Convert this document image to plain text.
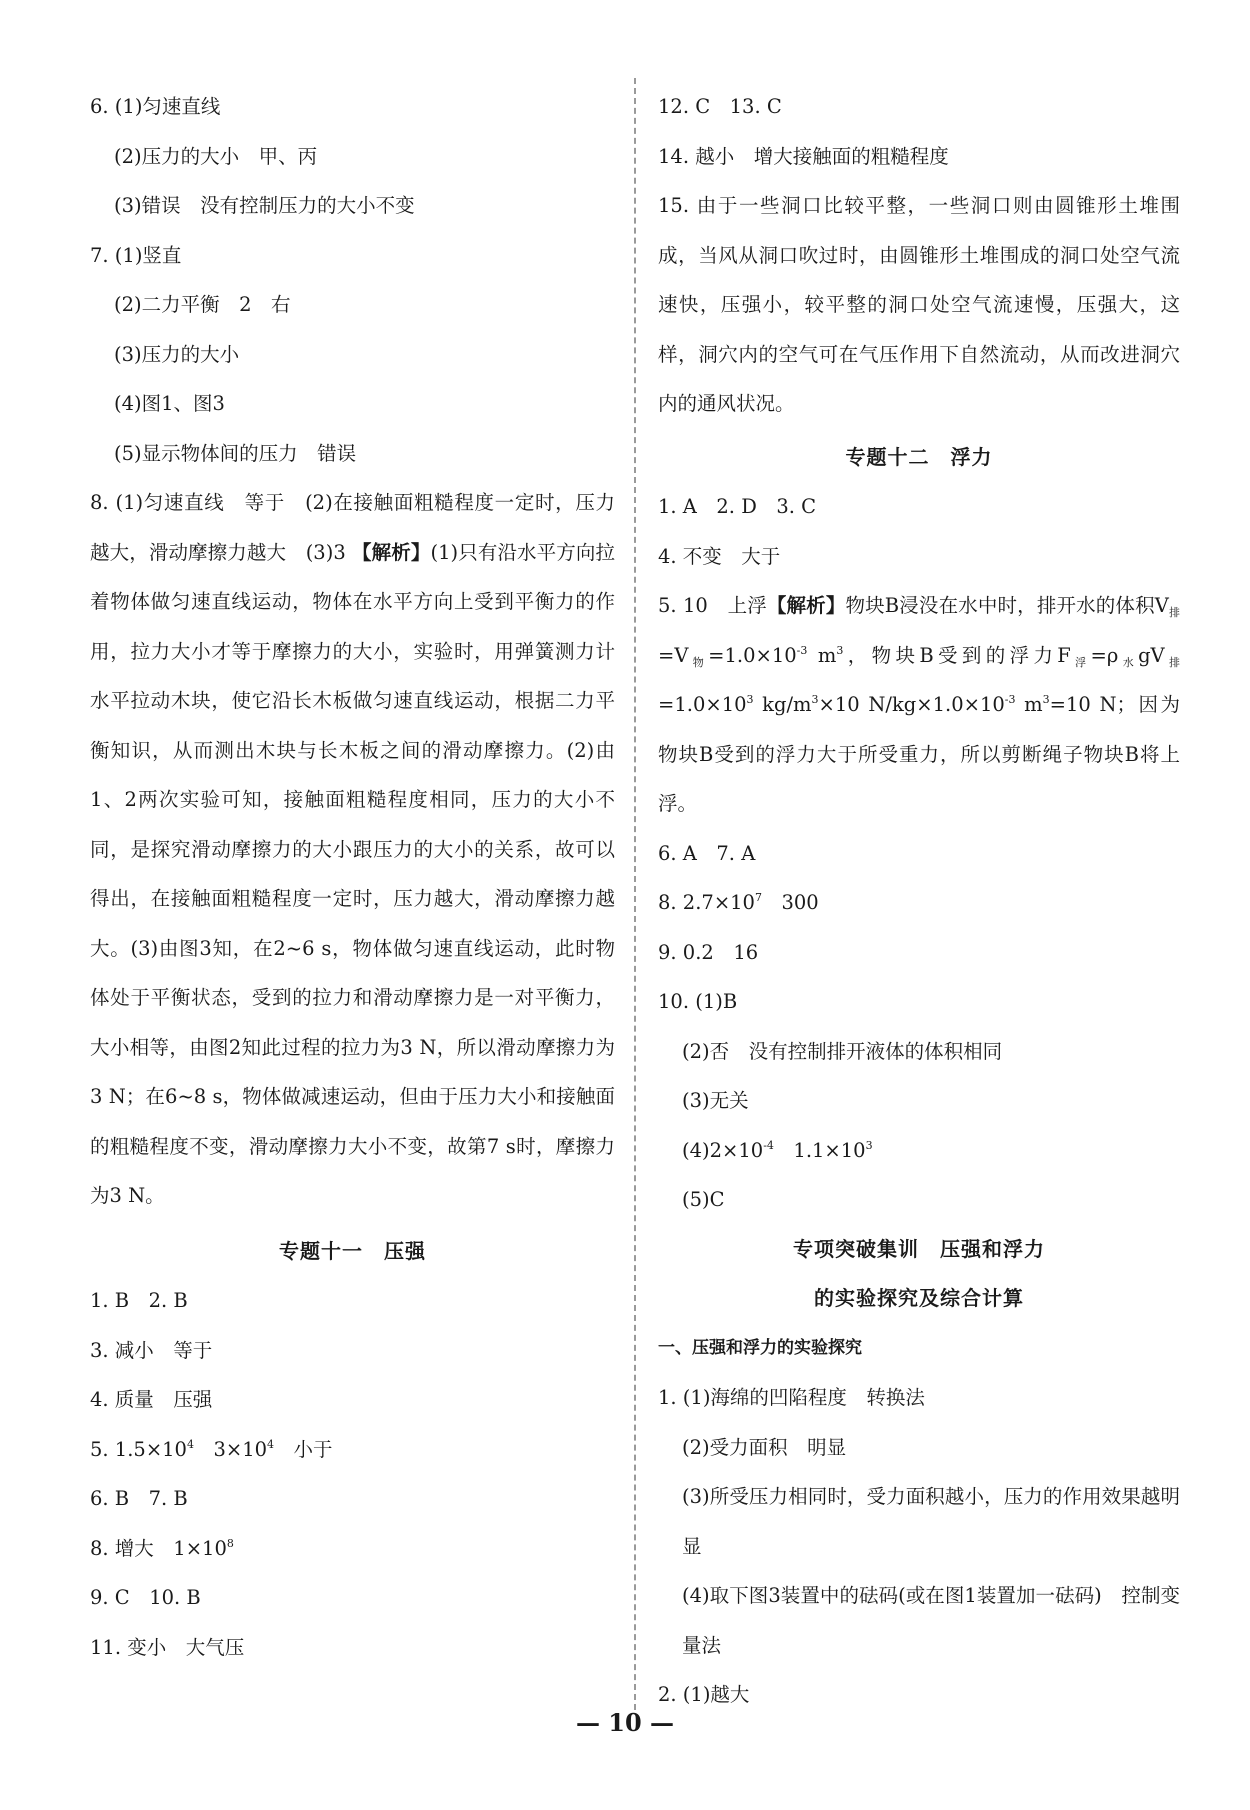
6. (1)匀速直线
(2)压力的大小　甲、丙
(3)错误　没有控制压力的大小不变
7. (1)竖直
(2)二力平衡　2　右
(3)压力的大小
(4)图1、图3
(5)显示物体间的压力　错误
8. (1)匀速直线　等于　(2)在接触面粗糙程度一定时，压力越大，滑动摩擦力越大　(3)3 【解析】(1)只有沿水平方向拉着物体做匀速直线运动，物体在水平方向上受到平衡力的作用，拉力大小才等于摩擦力的大小，实验时，用弹簧测力计水平拉动木块，使它沿长木板做匀速直线运动，根据二力平衡知识，从而测出木块与长木板之间的滑动摩擦力。(2)由1、2两次实验可知，接触面粗糙程度相同，压力的大小不同，是探究滑动摩擦力的大小跟压力的大小的关系，故可以得出，在接触面粗糙程度一定时，压力越大，滑动摩擦力越大。(3)由图3知，在2~6 s，物体做匀速直线运动，此时物体处于平衡状态，受到的拉力和滑动摩擦力是一对平衡力，大小相等，由图2知此过程的拉力为3 N，所以滑动摩擦力为3 N；在6~8 s，物体做减速运动，但由于压力大小和接触面的粗糙程度不变，滑动摩擦力大小不变，故第7 s时，摩擦力为3 N。
专题十一　压强
1. B　2. B
3. 减小　等于
4. 质量　压强
5. $1.5\times 10^4$　$3\times 10^4$　小于
6. B　7. B
8. 增大　$1\times 10^8$
9. C　10. B
11. 变小　大气压
12. C　13. C
14. 越小　增大接触面的粗糙程度
15. 由于一些洞口比较平整，一些洞口则由圆锥形土堆围成，当风从洞口吹过时，由圆锥形土堆围成的洞口处空气流速快，压强小，较平整的洞口处空气流速慢，压强大，这样，洞穴内的空气可在气压作用下自然流动，从而改进洞穴内的通风状况。
专题十二　浮力
1. A　2. D　3. C
4. 不变　大于
5. 10　上浮【解析】物块B浸没在水中时，排开水的体积$V_排=V_物=1.0\times 10^{-3}$ $m^3$，物块B受到的浮力$F_浮=\rho_水gV_排=1.0\times 10^3$ $kg/m^3\times 10$ $N/kg\times 1.0\times 10^{-3}$ $m^3=10$ N；因为物块B受到的浮力大于所受重力，所以剪断绳子物块B将上浮。
6. A　7. A
8. $2.7\times 10^7$　300
9. 0.2　16
10. (1)B
(2)否　没有控制排开液体的体积相同
(3)无关
$(4)2\times 10^{-4}$　$1.1\times 10^3$
(5)C
专项突破集训　压强和浮力
的实验探究及综合计算
一、压强和浮力的实验探究
1. (1)海绵的凹陷程度　转换法
(2)受力面积　明显
(3)所受压力相同时，受力面积越小，压力的作用效果越明显
(4)取下图3装置中的砝码(或在图1装置加一砝码)　控制变量法
2. (1)越大
— 10 —
